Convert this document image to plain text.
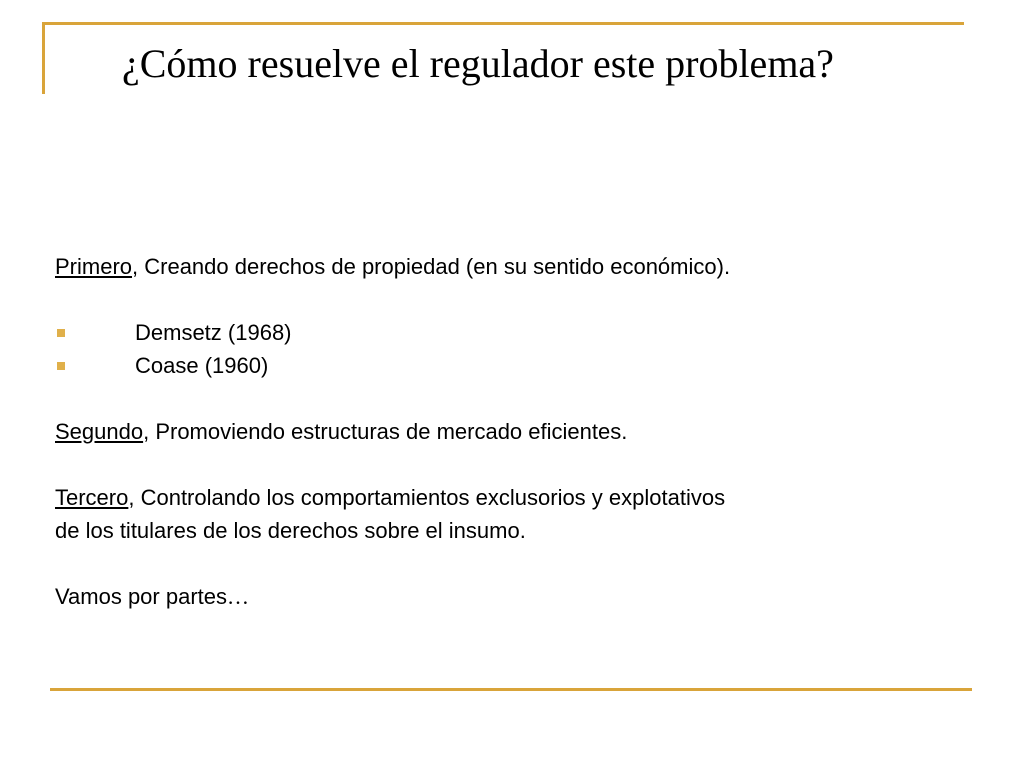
¿Cómo resuelve el regulador este problema?

Primero, Creando derechos de propiedad (en su sentido económico).

Demsetz (1968)
Coase (1960)

Segundo, Promoviendo estructuras de mercado eficientes.

Tercero, Controlando los comportamientos exclusorios y explotativos

de los titulares de los derechos sobre el insumo.

Vamos por partes…
